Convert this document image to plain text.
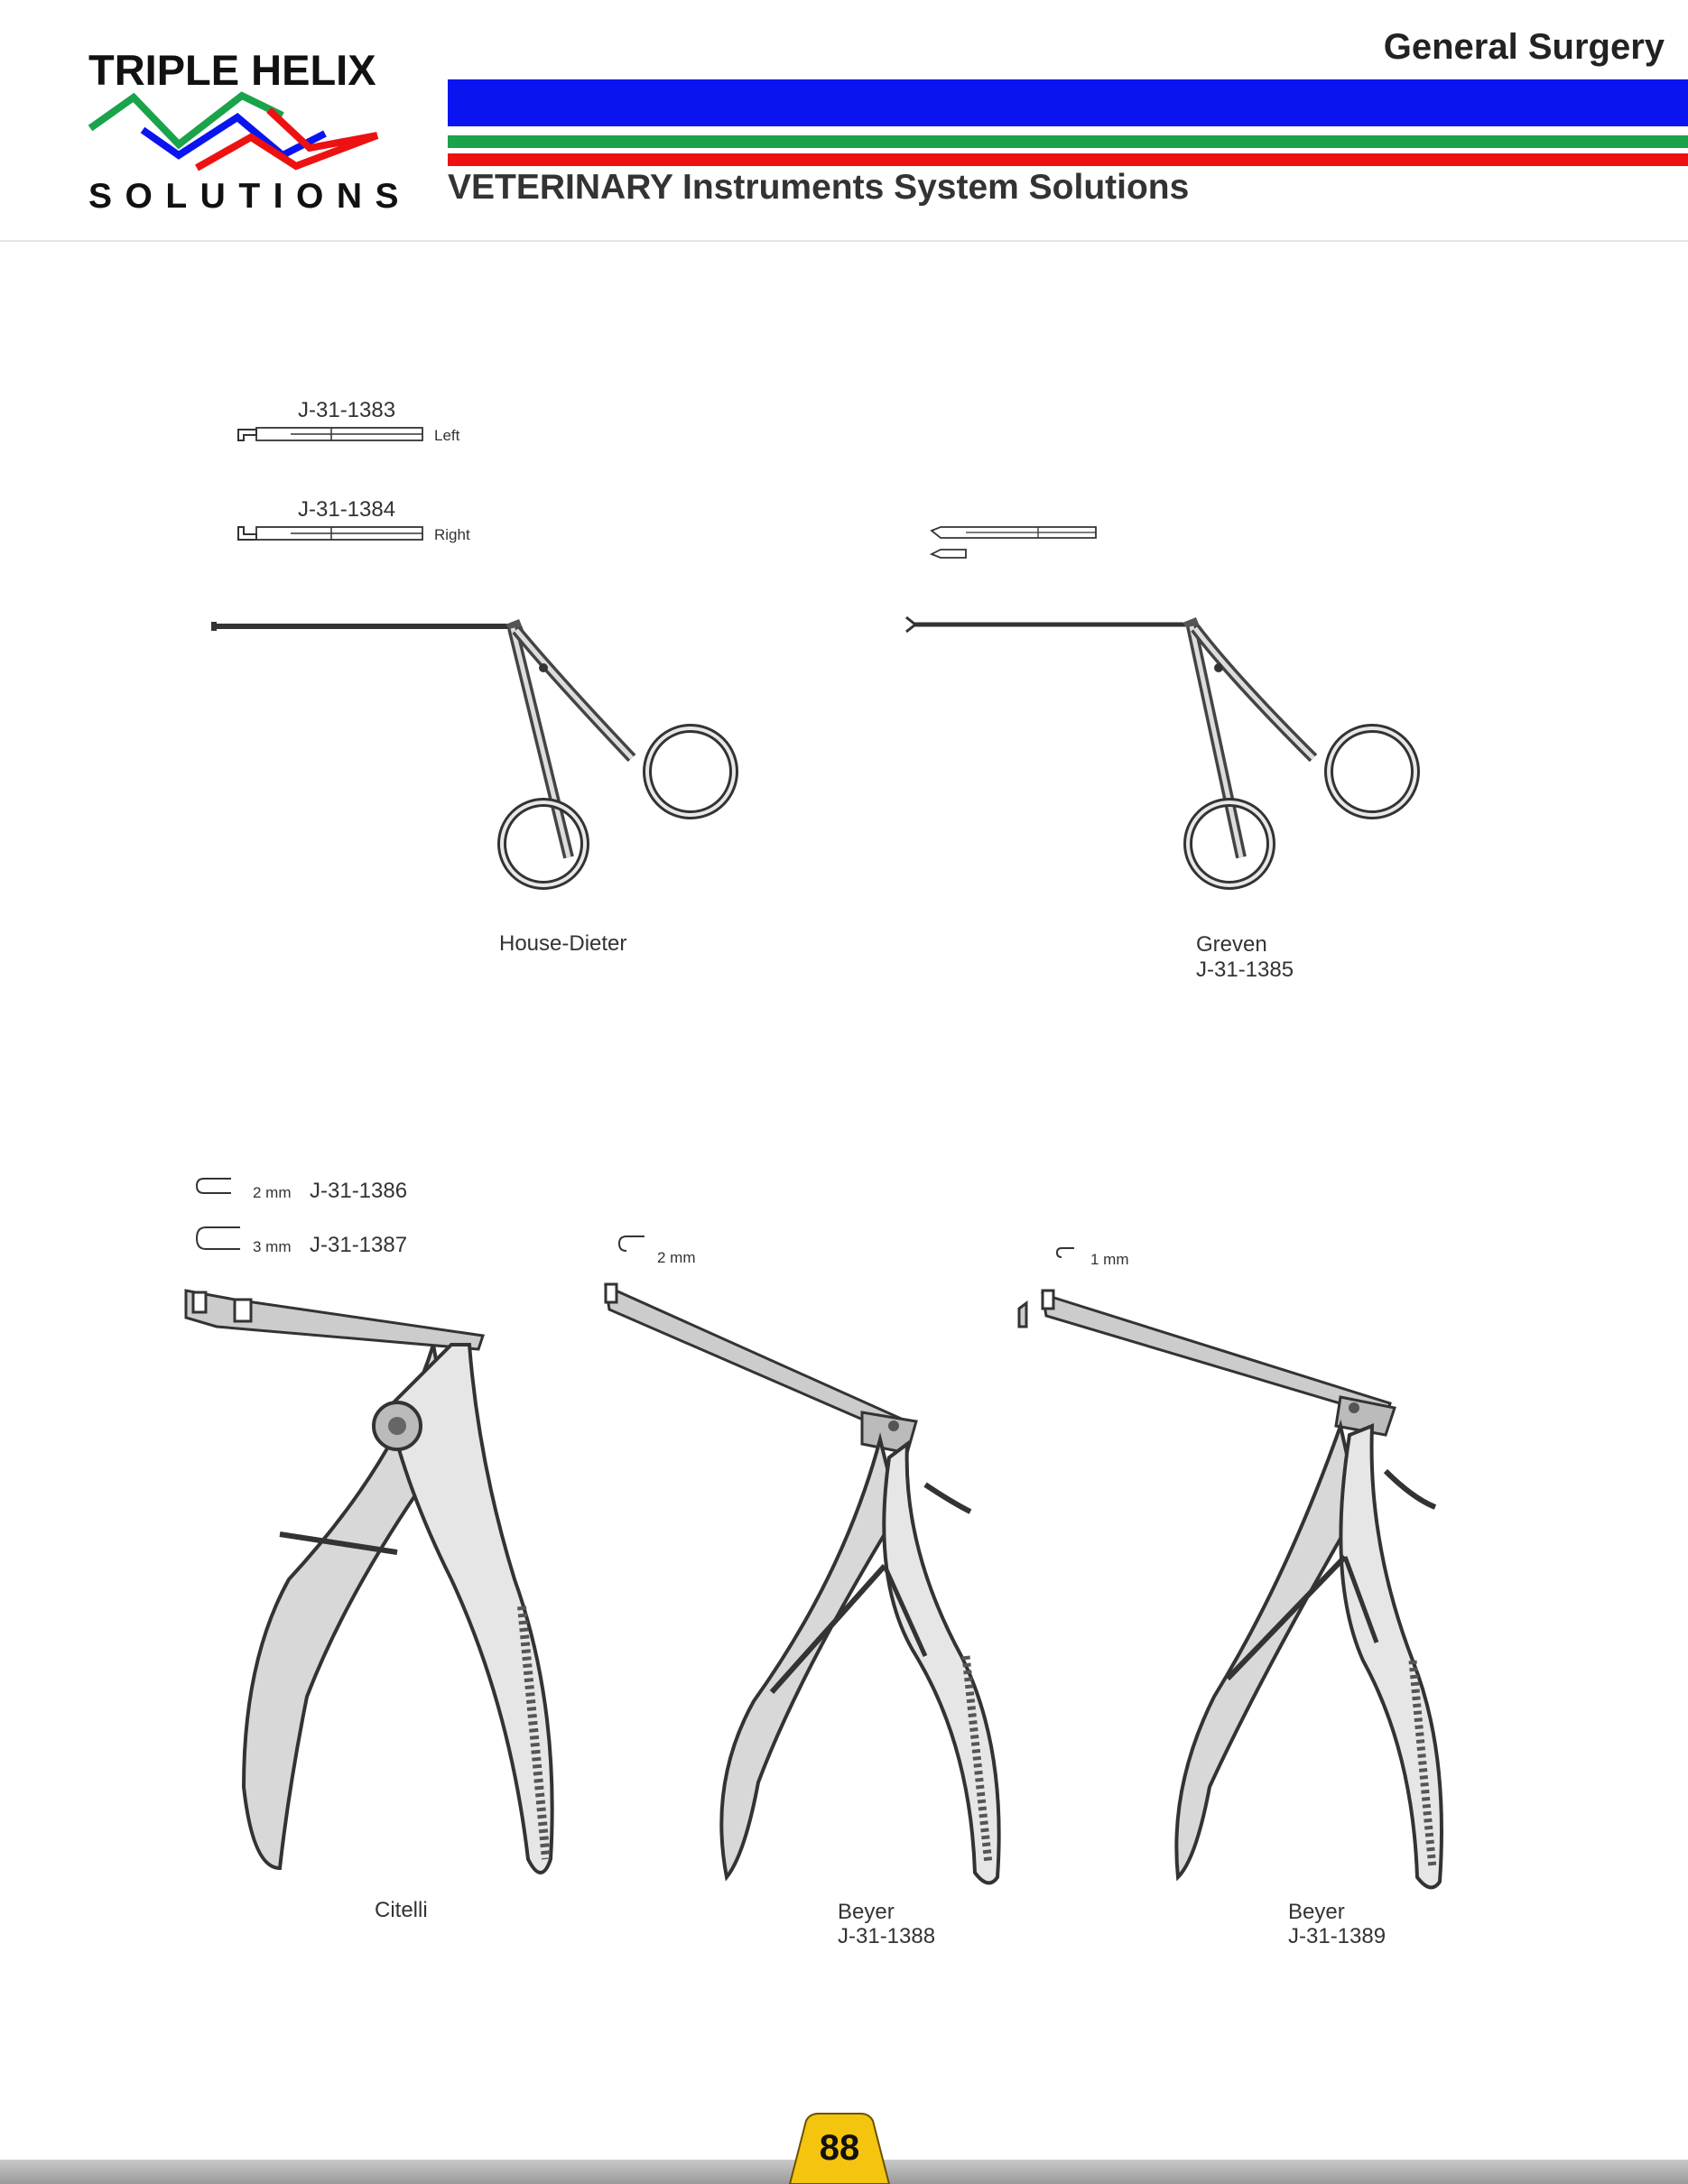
TRIPLE HELIX
SOLUTIONS
General Surgery
VETERINARY Instruments System Solutions
J-31-1383
Left
J-31-1384
Right
House-Dieter	Greven
J-31-1385
2 mm J-31-1386
3 mm J-31-1387
Citelli
2 mm
Beyer
J-31-1388
1 mm
Beyer
J-31-1389
88
